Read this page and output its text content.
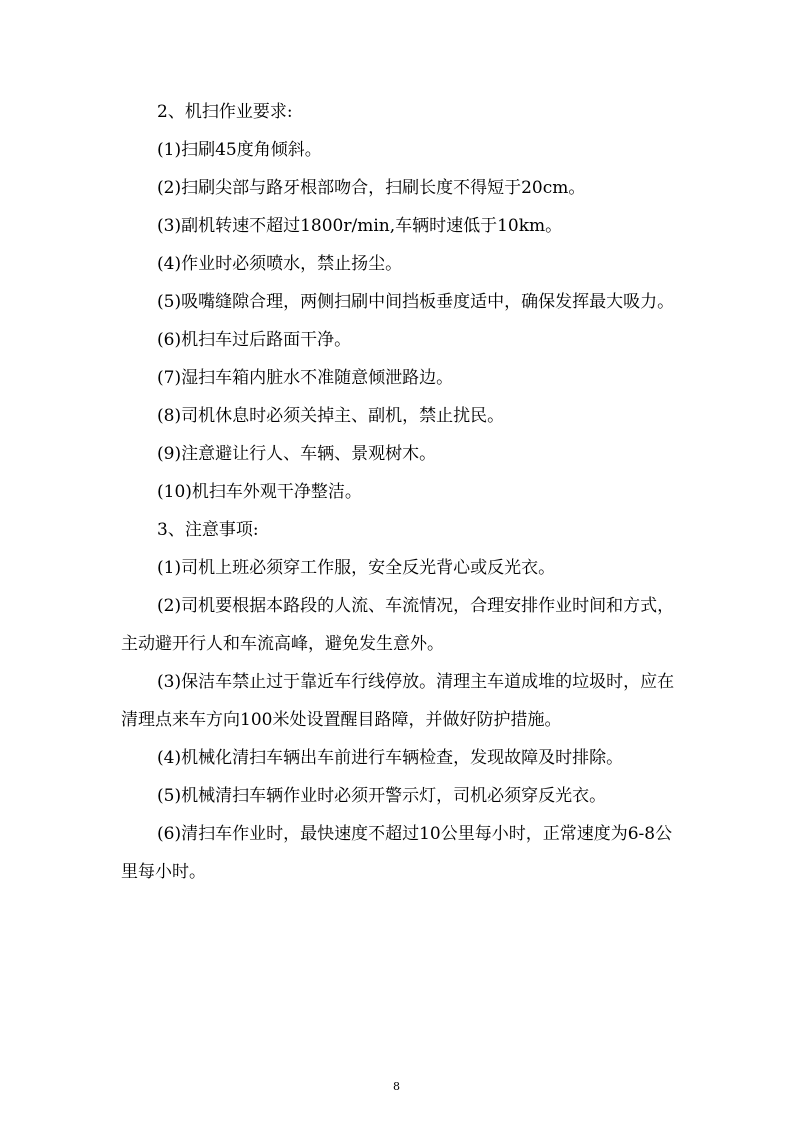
2、机扫作业要求:

(1)扫刷45度角倾斜。

(2)扫刷尖部与路牙根部吻合，扫刷长度不得短于20cm。

(3)副机转速不超过1800r/min,车辆时速低于10km。

(4)作业时必须喷水，禁止扬尘。

(5)吸嘴缝隙合理，两侧扫刷中间挡板垂度适中，确保发挥最大吸力。

(6)机扫车过后路面干净。

(7)湿扫车箱内脏水不准随意倾泄路边。

(8)司机休息时必须关掉主、副机，禁止扰民。

(9)注意避让行人、车辆、景观树木。

(10)机扫车外观干净整洁。

3、注意事项:

(1)司机上班必须穿工作服，安全反光背心或反光衣。

(2)司机要根据本路段的人流、车流情况，合理安排作业时间和方式，主动避开行人和车流高峰，避免发生意外。

(3)保洁车禁止过于靠近车行线停放。清理主车道成堆的垃圾时，应在清理点来车方向100米处设置醒目路障，并做好防护措施。

(4)机械化清扫车辆出车前进行车辆检查，发现故障及时排除。

(5)机械清扫车辆作业时必须开警示灯，司机必须穿反光衣。

(6)清扫车作业时，最快速度不超过10公里每小时，正常速度为6-8公里每小时。

8
